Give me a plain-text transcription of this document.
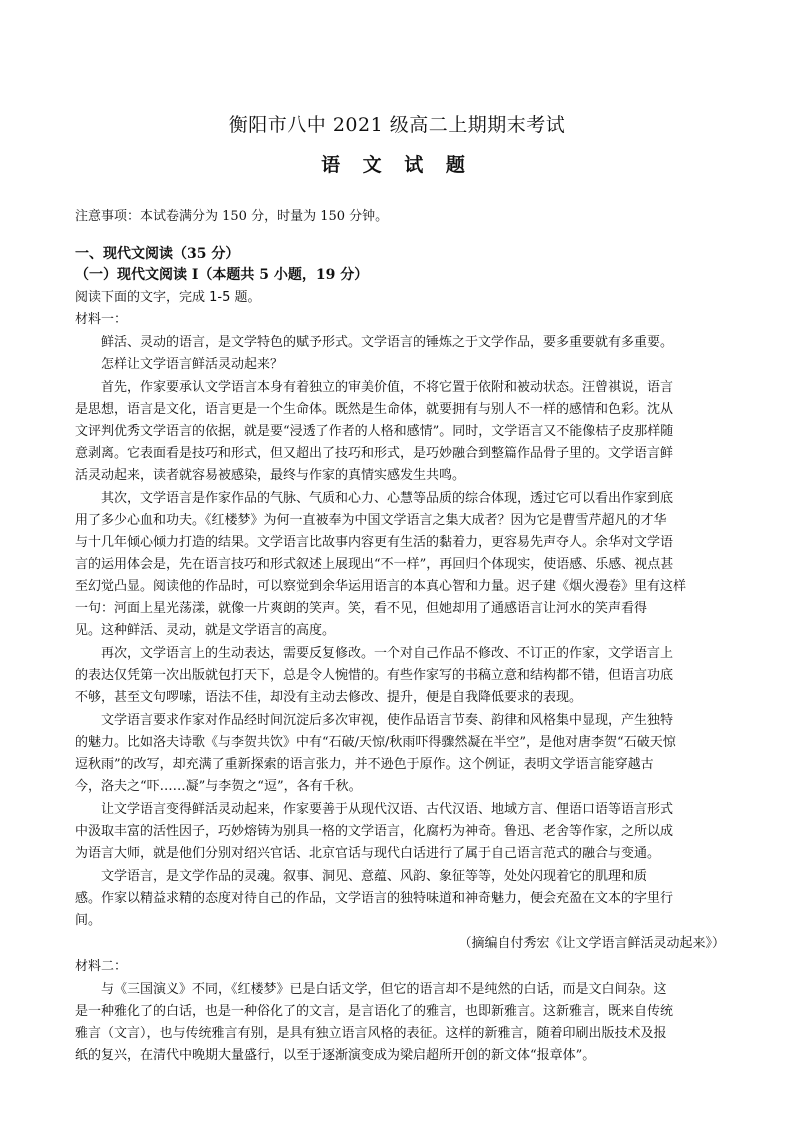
衡阳市八中 2021 级高二上期期末考试
语 文 试 题
注意事项：本试卷满分为 150 分，时量为 150 分钟。
一、现代文阅读（35 分）
（一）现代文阅读 I（本题共 5 小题，19 分）
阅读下面的文字，完成 1-5 题。
材料一：
鲜活、灵动的语言，是文学特色的赋予形式。文学语言的锤炼之于文学作品，要多重要就有多重要。
怎样让文学语言鲜活灵动起来？
首先，作家要承认文学语言本身有着独立的审美价值，不将它置于依附和被动状态。汪曾祺说，语言
是思想，语言是文化，语言更是一个生命体。既然是生命体，就要拥有与别人不一样的感情和色彩。沈从
文评判优秀文学语言的依据，就是要“浸透了作者的人格和感情”。同时，文学语言又不能像桔子皮那样随
意剥离。它表面看是技巧和形式，但又超出了技巧和形式，是巧妙融合到整篇作品骨子里的。文学语言鲜
活灵动起来，读者就容易被感染，最终与作家的真情实感发生共鸣。
其次，文学语言是作家作品的气脉、气质和心力、心慧等品质的综合体现，透过它可以看出作家到底
用了多少心血和功夫。《红楼梦》为何一直被奉为中国文学语言之集大成者？因为它是曹雪芹超凡的才华
与十几年倾心倾力打造的结果。文学语言比故事内容更有生活的黏着力，更容易先声夺人。余华对文学语
言的运用体会是，先在语言技巧和形式叙述上展现出“不一样”，再回归个体现实，使语感、乐感、视点甚
至幻觉凸显。阅读他的作品时，可以察觉到余华运用语言的本真心智和力量。迟子建《烟火漫卷》里有这样
一句：河面上星光荡漾，就像一片爽朗的笑声。笑，看不见，但她却用了通感语言让河水的笑声看得
见。这种鲜活、灵动，就是文学语言的高度。
再次，文学语言上的生动表达，需要反复修改。一个对自己作品不修改、不订正的作家，文学语言上
的表达仅凭第一次出版就包打天下，总是令人惋惜的。有些作家写的书稿立意和结构都不错，但语言功底
不够，甚至文句啰嗦，语法不佳，却没有主动去修改、提升，便是自我降低要求的表现。
文学语言要求作家对作品经时间沉淀后多次审视，使作品语言节奏、韵律和风格集中显现，产生独特
的魅力。比如洛夫诗歌《与李贺共饮》中有“石破/天惊/秋雨吓得骤然凝在半空”，是他对唐李贺“石破天惊
逗秋雨”的改写，却充满了重新探索的语言张力，并不逊色于原作。这个例证，表明文学语言能穿越古
今，洛夫之“吓……凝”与李贺之“逗”，各有千秋。
让文学语言变得鲜活灵动起来，作家要善于从现代汉语、古代汉语、地域方言、俚语口语等语言形式
中汲取丰富的活性因子，巧妙熔铸为别具一格的文学语言，化腐朽为神奇。鲁迅、老舍等作家，之所以成
为语言大师，就是他们分别对绍兴官话、北京官话与现代白话进行了属于自己语言范式的融合与变通。
文学语言，是文学作品的灵魂。叙事、洞见、意蕴、风韵、象征等等，处处闪现着它的肌理和质
感。作家以精益求精的态度对待自己的作品，文学语言的独特味道和神奇魅力，便会充盈在文本的字里行
间。
（摘编自付秀宏《让文学语言鲜活灵动起来》）
材料二：
与《三国演义》不同，《红楼梦》已是白话文学，但它的语言却不是纯然的白话，而是文白间杂。这
是一种雅化了的白话，也是一种俗化了的文言，是言语化了的雅言，也即新雅言。这新雅言，既来自传统
雅言（文言），也与传统雅言有别，是具有独立语言风格的表征。这样的新雅言，随着印刷出版技术及报
纸的复兴，在清代中晚期大量盛行，以至于逐渐演变成为梁启超所开创的新文体“报章体”。
